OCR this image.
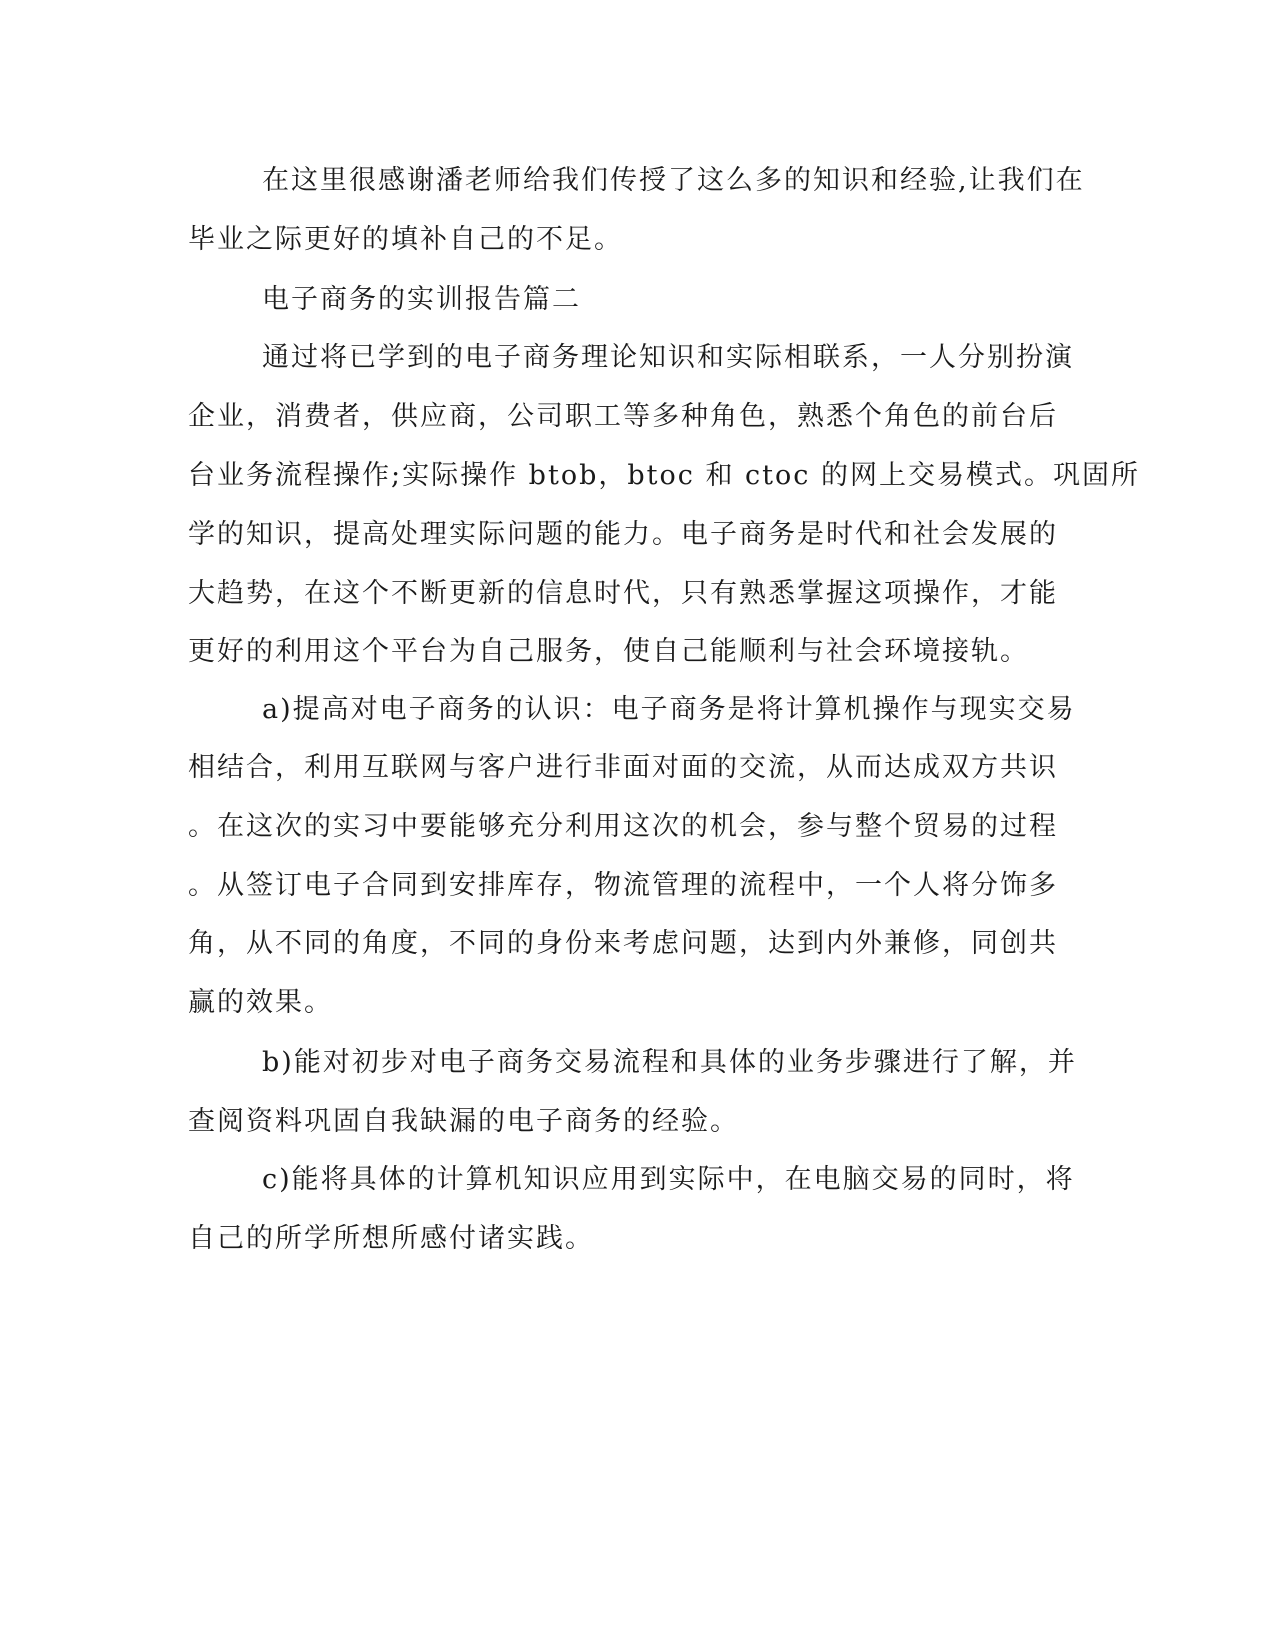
在这里很感谢潘老师给我们传授了这么多的知识和经验,让我们在
毕业之际更好的填补自己的不足。
电子商务的实训报告篇二
通过将已学到的电子商务理论知识和实际相联系，一人分别扮演
企业，消费者，供应商，公司职工等多种角色，熟悉个角色的前台后
台业务流程操作;实际操作 btob，btoc 和 ctoc 的网上交易模式。巩固所
学的知识，提高处理实际问题的能力。电子商务是时代和社会发展的
大趋势，在这个不断更新的信息时代，只有熟悉掌握这项操作，才能
更好的利用这个平台为自己服务，使自己能顺利与社会环境接轨。
a)提高对电子商务的认识：电子商务是将计算机操作与现实交易
相结合，利用互联网与客户进行非面对面的交流，从而达成双方共识
。在这次的实习中要能够充分利用这次的机会，参与整个贸易的过程
。从签订电子合同到安排库存，物流管理的流程中，一个人将分饰多
角，从不同的角度，不同的身份来考虑问题，达到内外兼修，同创共
赢的效果。
b)能对初步对电子商务交易流程和具体的业务步骤进行了解，并
查阅资料巩固自我缺漏的电子商务的经验。
c)能将具体的计算机知识应用到实际中，在电脑交易的同时，将
自己的所学所想所感付诸实践。
